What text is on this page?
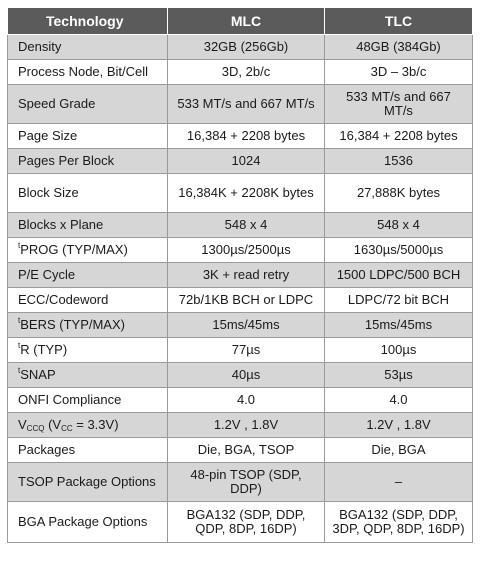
Technology	MLC	TLC
Density	32GB (256Gb)	48GB (384Gb)
Process Node, Bit/Cell	3D, 2b/c	3D – 3b/c
Speed Grade	533 MT/s and 667 MT/s	533 MT/s and 667 MT/s
Page Size	16,384 + 2208 bytes	16,384 + 2208 bytes
Pages Per Block	1024	1536
Block Size	16,384K + 2208K bytes	27,888K bytes
Blocks x Plane	548 x 4	548 x 4
$^t$PROG (TYP/MAX)	1300µs/2500µs	1630µs/5000µs
P/E Cycle	3K + read retry	1500 LDPC/500 BCH
ECC/Codeword	72b/1KB BCH or LDPC	LDPC/72 bit BCH
$^t$BERS (TYP/MAX)	15ms/45ms	15ms/45ms
$^t$R (TYP)	77µs	100µs
$^t$SNAP	40µs	53µs
ONFI Compliance	4.0	4.0
$V_{CCQ}$ $(V_{CC} = 3.3V)$	1.2V , 1.8V	1.2V , 1.8V
Packages	Die, BGA, TSOP	Die, BGA
TSOP Package Options	48-pin TSOP (SDP, DDP)	–
BGA Package Options	BGA132 (SDP, DDP, QDP, 8DP, 16DP)	BGA132 (SDP, DDP, 3DP, QDP, 8DP, 16DP)
